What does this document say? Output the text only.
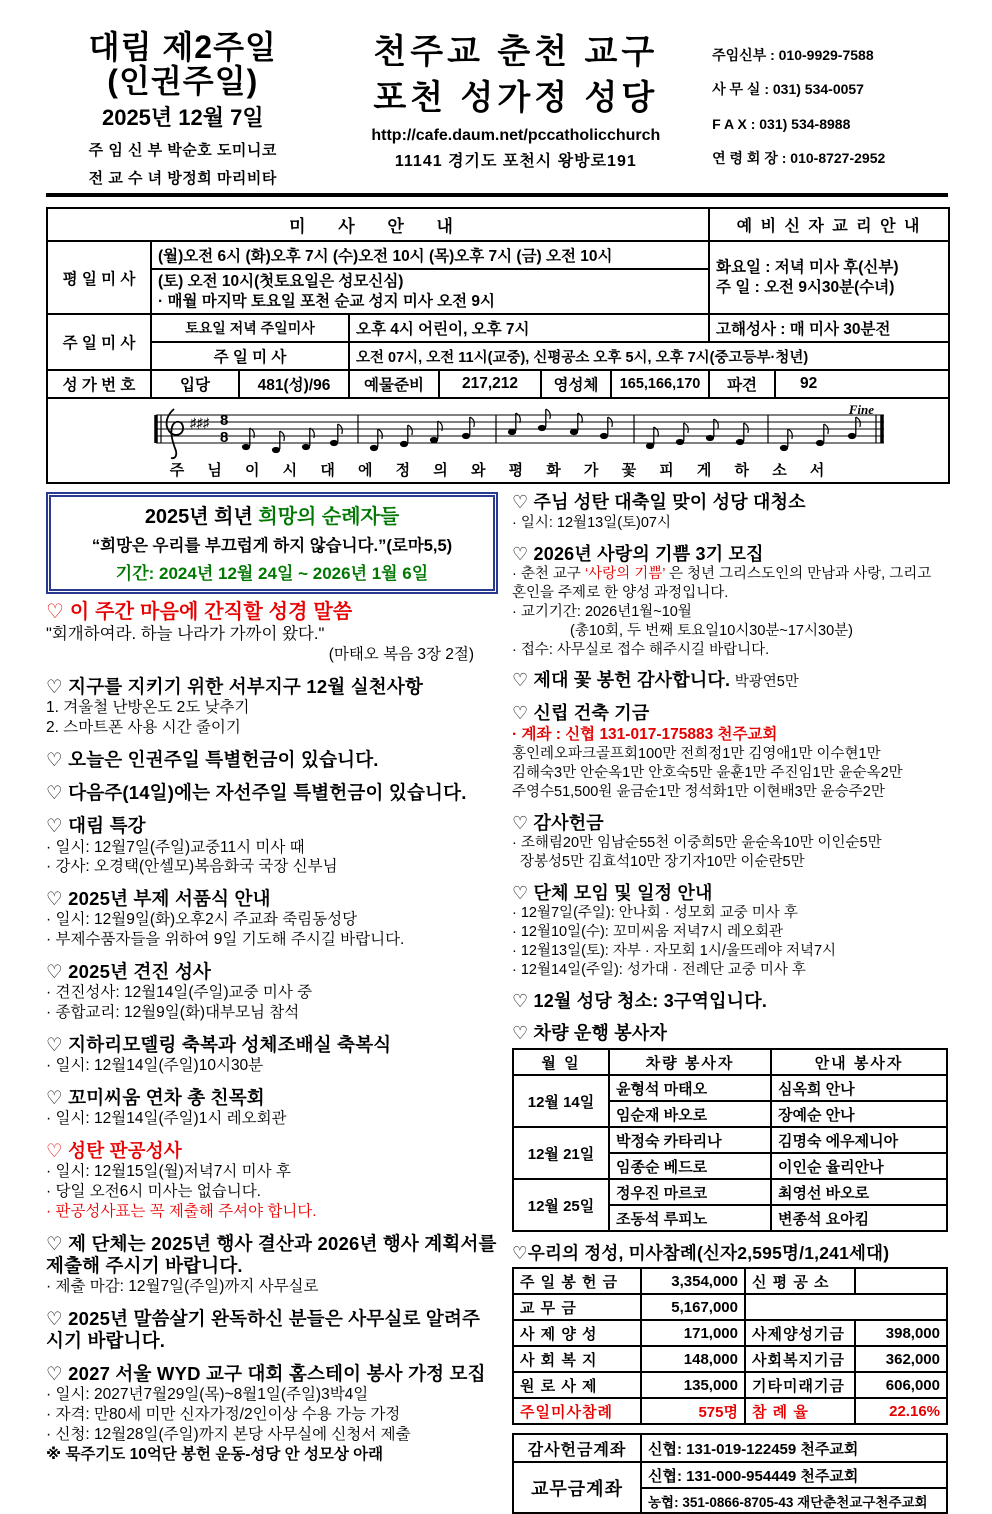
대림 제2주일
(인권주일)
2025년 12월 7일
주 임 신 부 박순호 도미니코
전 교 수 녀 방정희 마리비타
천주교 춘천 교구
포천 성가정 성당
http://cafe.daum.net/pccatholicchurch
11141 경기도 포천시 왕방로191
주임신부 : 010-9929-7588
사 무 실 : 031) 534-0057
F A X : 031) 534-8988
연 령 회 장 : 010-8727-2952
미 사 안 내							예 비 신 자 교 리 안 내	
평 일 미 사	(월)오전 6시 (화)오후 7시 (수)오전 10시 (목)오후 7시 (금) 오전 10시						화요일 : 저녁 미사 후(신부)
주 일 : 오전 9시30분(수녀)	

	(토) 오전 10시(첫토요일은 성모신심)
· 매월 마지막 토요일 포천 순교 성지 미사 오전 9시							

주 일 미 사	토요일 저녁 주일미사		오후 4시 어린이, 오후 7시				고해성사 : 매 미사 30분전	
	주 일 미 사		오전 07시, 오전 11시(교중), 신평공소 오후 5시, 오후 7시(중고등부·청년)					
성 가 번 호	입당	481(성)/96	예물준비	217,212	영성체	165,166,170	파견	92

Fine
♯♯♯ 8
8
주 님 이 시 대 에 정 의 와 평 화 가 꽃 피 게 하 소 서								
2025년 희년 희망의 순례자들
“희망은 우리를 부끄럽게 하지 않습니다.”(로마5,5)
기간: 2024년 12월 24일 ~ 2026년 1월 6일
♡ 이 주간 마음에 간직할 성경 말씀
"회개하여라. 하늘 나라가 가까이 왔다."
(마태오 복음 3장 2절)
♡ 지구를 지키기 위한 서부지구 12월 실천사항
1. 겨울철 난방온도 2도 낮추기
2. 스마트폰 사용 시간 줄이기
♡ 오늘은 인권주일 특별헌금이 있습니다.
♡ 다음주(14일)에는 자선주일 특별헌금이 있습니다.
♡ 대림 특강
· 일시: 12월7일(주일)교중11시 미사 때
· 강사: 오경택(안셀모)복음화국 국장 신부님
♡ 2025년 부제 서품식 안내
· 일시: 12월9일(화)오후2시 주교좌 죽림동성당
· 부제수품자들을 위하여 9일 기도해 주시길 바랍니다.
♡ 2025년 견진 성사
· 견진성사: 12월14일(주일)교중 미사 중
· 종합교리: 12월9일(화)대부모님 참석
♡ 지하리모델링 축복과 성체조배실 축복식
· 일시: 12월14일(주일)10시30분
♡ 꼬미씨움 연차 총 친목회
· 일시: 12월14일(주일)1시 레오회관
♡ 성탄 판공성사
· 일시: 12월15일(월)저녁7시 미사 후
· 당일 오전6시 미사는 없습니다.
· 판공성사표는 꼭 제출해 주셔야 합니다.
♡ 제 단체는 2025년 행사 결산과 2026년 행사 계획서를 제출해 주시기 바랍니다.
· 제출 마감: 12월7일(주일)까지 사무실로
♡ 2025년 말씀살기 완독하신 분들은 사무실로 알려주시기 바랍니다.
♡ 2027 서울 WYD 교구 대회 홈스테이 봉사 가정 모집
· 일시: 2027년7월29일(목)~8월1일(주일)3박4일
· 자격: 만80세 미만 신자가정/2인이상 수용 가능 가정
· 신청: 12월28일(주일)까지 본당 사무실에 신청서 제출
※ 묵주기도 10억단 봉헌 운동-성당 안 성모상 아래
♡ 주님 성탄 대축일 맞이 성당 대청소
· 일시: 12월13일(토)07시
♡ 2026년 사랑의 기쁨 3기 모집
· 춘천 교구 ‘사랑의 기쁨’ 은 청년 그리스도인의 만남과 사랑, 그리고 혼인을 주제로 한 양성 과정입니다.
· 교기기간: 2026년1월~10월
(총10회, 두 번째 토요일10시30분~17시30분)
· 접수: 사무실로 접수 해주시길 바랍니다.
♡ 제대 꽃 봉헌 감사합니다. 박광연5만
♡ 신립 건축 기금
· 계좌 : 신협 131-017-175883 천주교회
홍인레오파크골프회100만 전희정1만 김영애1만 이수현1만
김해숙3만 안순옥1만 안호숙5만 윤훈1만 주진임1만 윤순옥2만
주영수51,500원 윤금순1만 정석화1만 이현배3만 윤승주2만
♡ 감사헌금
· 조해림20만 임남순55천 이중희5만 윤순옥10만 이인순5만
장봉성5만 김효석10만 장기자10만 이순란5만
♡ 단체 모임 및 일정 안내
· 12월7일(주일): 안나회 · 성모회 교중 미사 후
· 12월10일(수): 꼬미씨움 저녁7시 레오회관
· 12월13일(토): 자부 · 자모회 1시/울뜨레야 저녁7시
· 12월14일(주일): 성가대 · 전례단 교중 미사 후
♡ 12월 성당 청소: 3구역입니다.
♡ 차량 운행 봉사자
월 일	차량 봉사자	안내 봉사자
12월 14일	윤형석 마태오	심옥희 안나
	임순재 바오로	장예순 안나
12월 21일	박정숙 카타리나	김명숙 에우제니아
	임종순 베드로	이인순 율리안나
12월 25일	정우진 마르코	최영선 바오로
	조동석 루피노	변종석 요아킴
♡우리의 정성, 미사참례(신자2,595명/1,241세대)
주 일 봉 헌 금	3,354,000	신 평 공 소	
교 무 금	5,167,000		
사 제 양 성	171,000	사제양성기금	398,000
사 회 복 지	148,000	사회복지기금	362,000
원 로 사 제	135,000	기타미래기금	606,000
주일미사참례	575명	참 례 율	22.16%
감사헌금계좌	신협: 131-019-122459 천주교회
교무금계좌	신협: 131-000-954449 천주교회
	농협: 351-0866-8705-43 재단춘천교구천주교회
